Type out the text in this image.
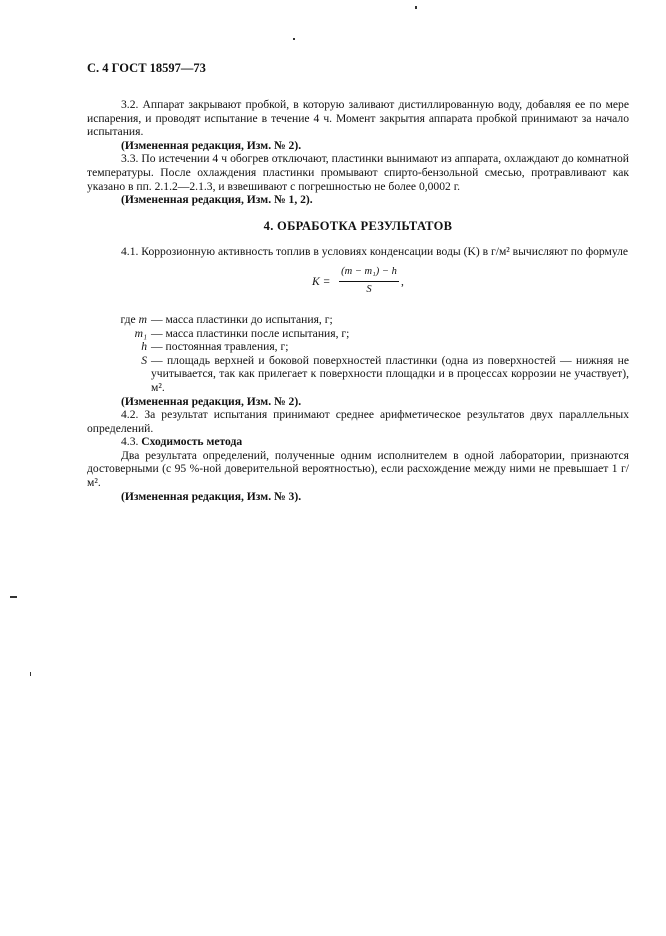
С. 4 ГОСТ 18597—73

3.2. Аппарат закрывают пробкой, в которую заливают дистиллированную воду, добавляя ее по мере испарения, и проводят испытание в течение 4 ч. Момент закрытия аппарата пробкой принимают за начало испытания.

(Измененная редакция, Изм. № 2).

3.3. По истечении 4 ч обогрев отключают, пластинки вынимают из аппарата, охлаждают до комнатной температуры. После охлаждения пластинки промывают спирто-бензольной смесью, протравливают как указано в пп. 2.1.2—2.1.3, и взвешивают с погрешностью не более 0,0002 г.

(Измененная редакция, Изм. № 1, 2).

4. ОБРАБОТКА РЕЗУЛЬТАТОВ

4.1. Коррозионную активность топлив в условиях конденсации воды (K) в г/м² вычисляют по формуле

$K = \frac{\text{(m − m₁) − h}}{S}$ ,
где m — масса пластинки до испытания, г;
m₁ — масса пластинки после испытания, г;
h — постоянная травления, г;
S — площадь верхней и боковой поверхностей пластинки (одна из поверхностей — нижняя не учитывается, так как прилегает к поверхности площадки и в процессах коррозии не участвует), м².

(Измененная редакция, Изм. № 2).

4.2. За результат испытания принимают среднее арифметическое результатов двух параллельных определений.

4.3. Сходимость метода

Два результата определений, полученные одним исполнителем в одной лаборатории, признаются достоверными (с 95 %-ной доверительной вероятностью), если расхождение между ними не превышает 1 г/м².

(Измененная редакция, Изм. № 3).
